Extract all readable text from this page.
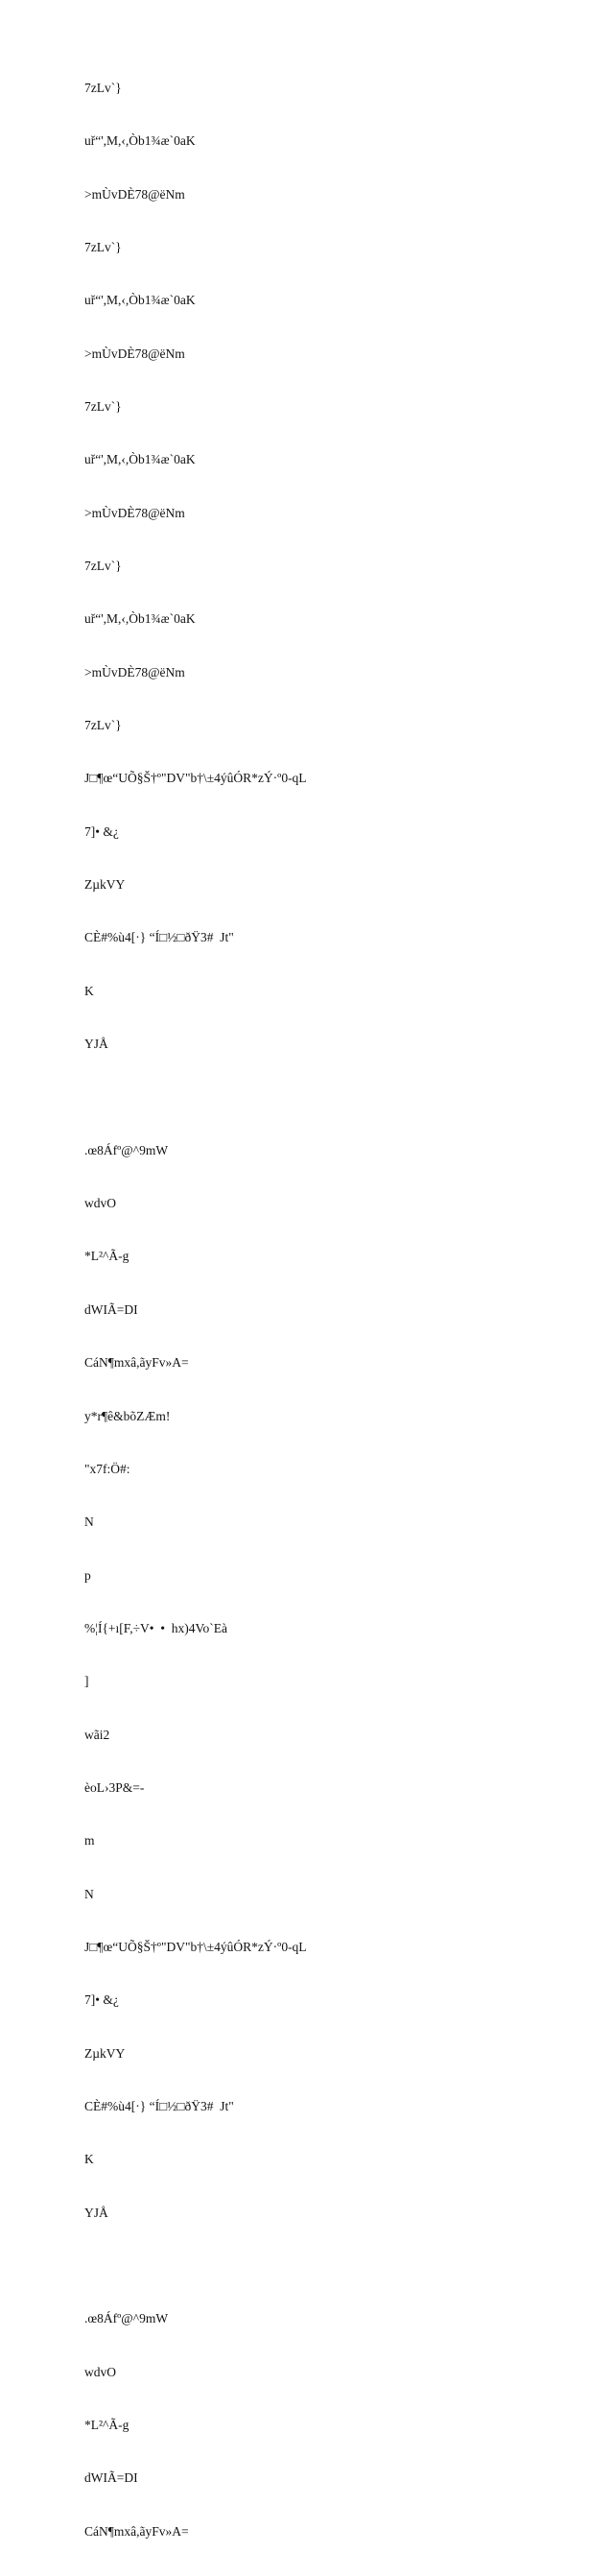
7zLv`}

uř“',M,‹,Òb1¾æ`0aK

>mÙvDÈ78@ëNm

7zLv`}

uř“',M,‹,Òb1¾æ`0aK

>mÙvDÈ78@ëNm

7zLv`}

uř“',M,‹,Òb1¾æ`0aK

>mÙvDÈ78@ëNm

7zLv`}

uř“',M,‹,Òb1¾æ`0aK

>mÙvDÈ78@ëNm

7zLv`}

J□¶œ“UÕ§Š†º"DV"b†\±4ýûÓR*zÝ·º0-qL

7]• &¿

ZµkVY

CÈ#%ù4[·} “Í□½□ðŸ3#  Jt"

K

YJÅ

.œ8Áfº@^9mW

wdvO

*L²^Ã-g

dWIÃ=DI

CáN¶mxâ,ãyFv»A=

y*r¶ê&bõZÆm!

"x7f:Ö#:

N

p

%¦Í{+ı[F,÷V•  •  hx)4Vo`Eà

]

wãi2

èoL›3P&=-

m

N

J□¶œ“UÕ§Š†º"DV"b†\±4ýûÓR*zÝ·º0-qL

7]• &¿

ZµkVY

CÈ#%ù4[·} “Í□½□ðŸ3#  Jt"

K

YJÅ

.œ8Áfº@^9mW

wdvO

*L²^Ã-g

dWIÃ=DI

CáN¶mxâ,ãyFv»A=
